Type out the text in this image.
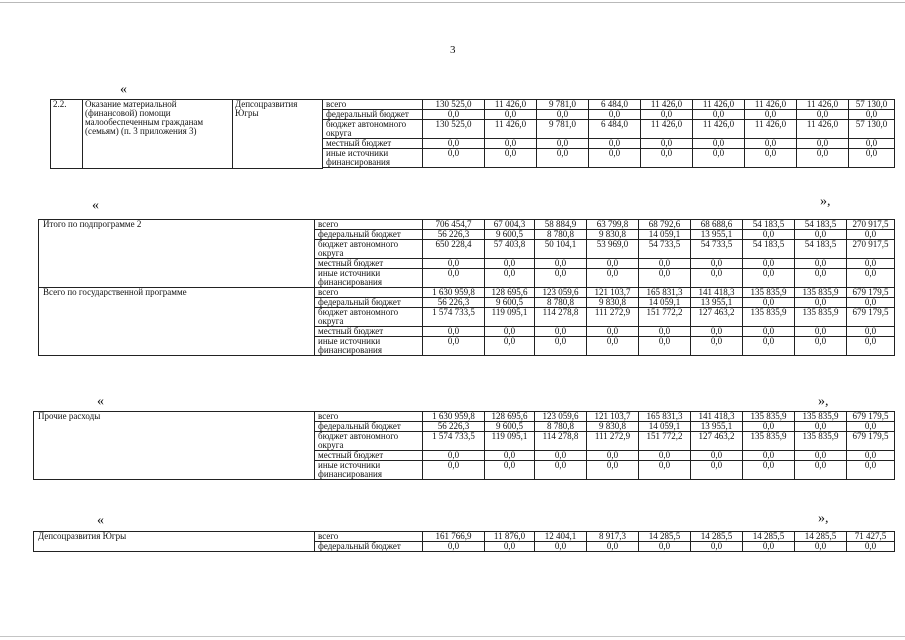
3
«
2.2.	Оказание материальной (финансовой) помощи малообеспеченным гражданам (семьям) (п. 3 приложения 3)	Депсоцразвития Югры	всего	130 525,0	11 426,0	9 781,0	6 484,0	11 426,0	11 426,0	11 426,0	11 426,0	57 130,0
			федеральный бюджет	0,0	0,0	0,0	0,0	0,0	0,0	0,0	0,0	0,0
			бюджет автономного округа	130 525,0	11 426,0	9 781,0	6 484,0	11 426,0	11 426,0	11 426,0	11 426,0	57 130,0
			местный бюджет	0,0	0,0	0,0	0,0	0,0	0,0	0,0	0,0	0,0
			иные источники финансирования	0,0	0,0	0,0	0,0	0,0	0,0	0,0	0,0	0,0

«	»,
Итого по подпрограмме 2	всего	706 454,7	67 004,3	58 884,9	63 799,8	68 792,6	68 688,6	54 183,5	54 183,5	270 917,5
	федеральный бюджет	56 226,3	9 600,5	8 780,8	9 830,8	14 059,1	13 955,1	0,0	0,0	0,0
	бюджет автономного округа	650 228,4	57 403,8	50 104,1	53 969,0	54 733,5	54 733,5	54 183,5	54 183,5	270 917,5
	местный бюджет	0,0	0,0	0,0	0,0	0,0	0,0	0,0	0,0	0,0
	иные источники финансирования	0,0	0,0	0,0	0,0	0,0	0,0	0,0	0,0	0,0
Всего по государственной программе	всего	1 630 959,8	128 695,6	123 059,6	121 103,7	165 831,3	141 418,3	135 835,9	135 835,9	679 179,5
	федеральный бюджет	56 226,3	9 600,5	8 780,8	9 830,8	14 059,1	13 955,1	0,0	0,0	0,0
	бюджет автономного округа	1 574 733,5	119 095,1	114 278,8	111 272,9	151 772,2	127 463,2	135 835,9	135 835,9	679 179,5
	местный бюджет	0,0	0,0	0,0	0,0	0,0	0,0	0,0	0,0	0,0
	иные источники финансирования	0,0	0,0	0,0	0,0	0,0	0,0	0,0	0,0	0,0
«	»,
Прочие расходы	всего	1 630 959,8	128 695,6	123 059,6	121 103,7	165 831,3	141 418,3	135 835,9	135 835,9	679 179,5
	федеральный бюджет	56 226,3	9 600,5	8 780,8	9 830,8	14 059,1	13 955,1	0,0	0,0	0,0
	бюджет автономного округа	1 574 733,5	119 095,1	114 278,8	111 272,9	151 772,2	127 463,2	135 835,9	135 835,9	679 179,5
	местный бюджет	0,0	0,0	0,0	0,0	0,0	0,0	0,0	0,0	0,0
	иные источники финансирования	0,0	0,0	0,0	0,0	0,0	0,0	0,0	0,0	0,0
«	»,
Депсоцразвития Югры	всего	161 766,9	11 876,0	12 404,1	8 917,3	14 285,5	14 285,5	14 285,5	14 285,5	71 427,5
	федеральный бюджет	0,0	0,0	0,0	0,0	0,0	0,0	0,0	0,0	0,0
